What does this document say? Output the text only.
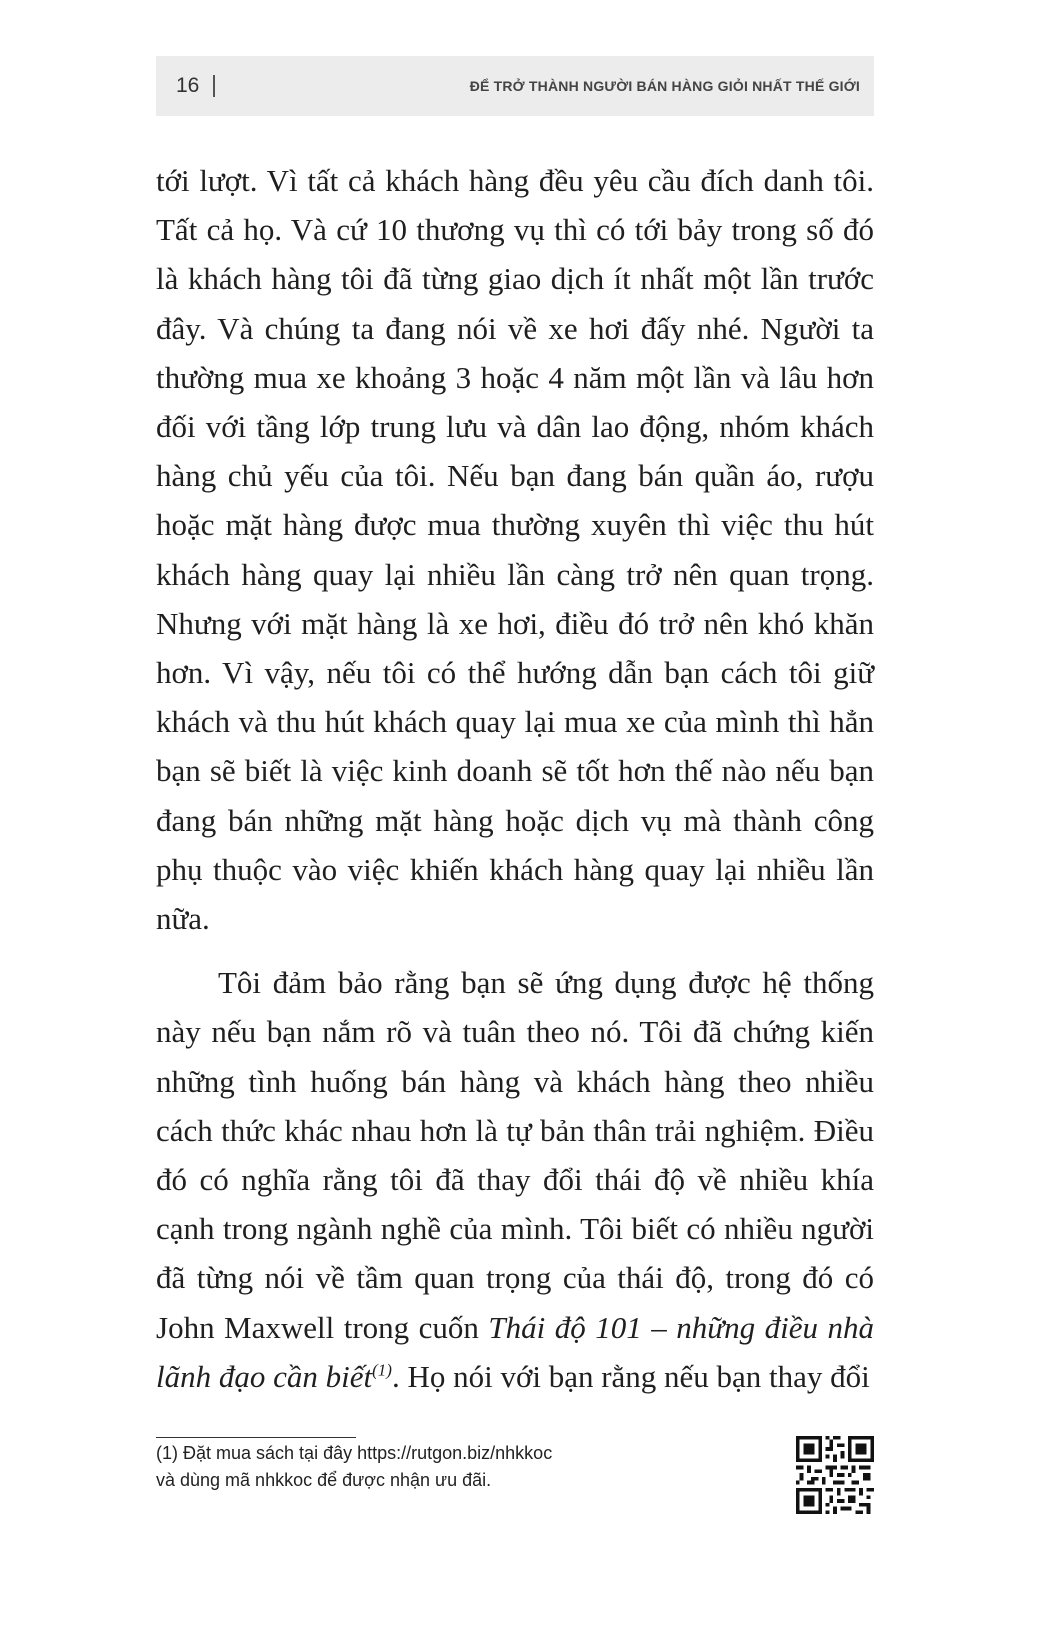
16	ĐỂ TRỞ THÀNH NGƯỜI BÁN HÀNG GIỎI NHẤT THẾ GIỚI

tới lượt. Vì tất cả khách hàng đều yêu cầu đích danh tôi. Tất cả họ. Và cứ 10 thương vụ thì có tới bảy trong số đó là khách hàng tôi đã từng giao dịch ít nhất một lần trước đây. Và chúng ta đang nói về xe hơi đấy nhé. Người ta thường mua xe khoảng 3 hoặc 4 năm một lần và lâu hơn đối với tầng lớp trung lưu và dân lao động, nhóm khách hàng chủ yếu của tôi. Nếu bạn đang bán quần áo, rượu hoặc mặt hàng được mua thường xuyên thì việc thu hút khách hàng quay lại nhiều lần càng trở nên quan trọng. Nhưng với mặt hàng là xe hơi, điều đó trở nên khó khăn hơn. Vì vậy, nếu tôi có thể hướng dẫn bạn cách tôi giữ khách và thu hút khách quay lại mua xe của mình thì hẳn bạn sẽ biết là việc kinh doanh sẽ tốt hơn thế nào nếu bạn đang bán những mặt hàng hoặc dịch vụ mà thành công phụ thuộc vào việc khiến khách hàng quay lại nhiều lần nữa.

Tôi đảm bảo rằng bạn sẽ ứng dụng được hệ thống này nếu bạn nắm rõ và tuân theo nó. Tôi đã chứng kiến những tình huống bán hàng và khách hàng theo nhiều cách thức khác nhau hơn là tự bản thân trải nghiệm. Điều đó có nghĩa rằng tôi đã thay đổi thái độ về nhiều khía cạnh trong ngành nghề của mình. Tôi biết có nhiều người đã từng nói về tầm quan trọng của thái độ, trong đó có John Maxwell trong cuốn Thái độ 101 – những điều nhà lãnh đạo cần biết$^{(1)}$. Họ nói với bạn rằng nếu bạn thay đổi

(1) Đặt mua sách tại đây https://rutgon.biz/nhkkoc
và dùng mã nhkkoc để được nhận ưu đãi.
